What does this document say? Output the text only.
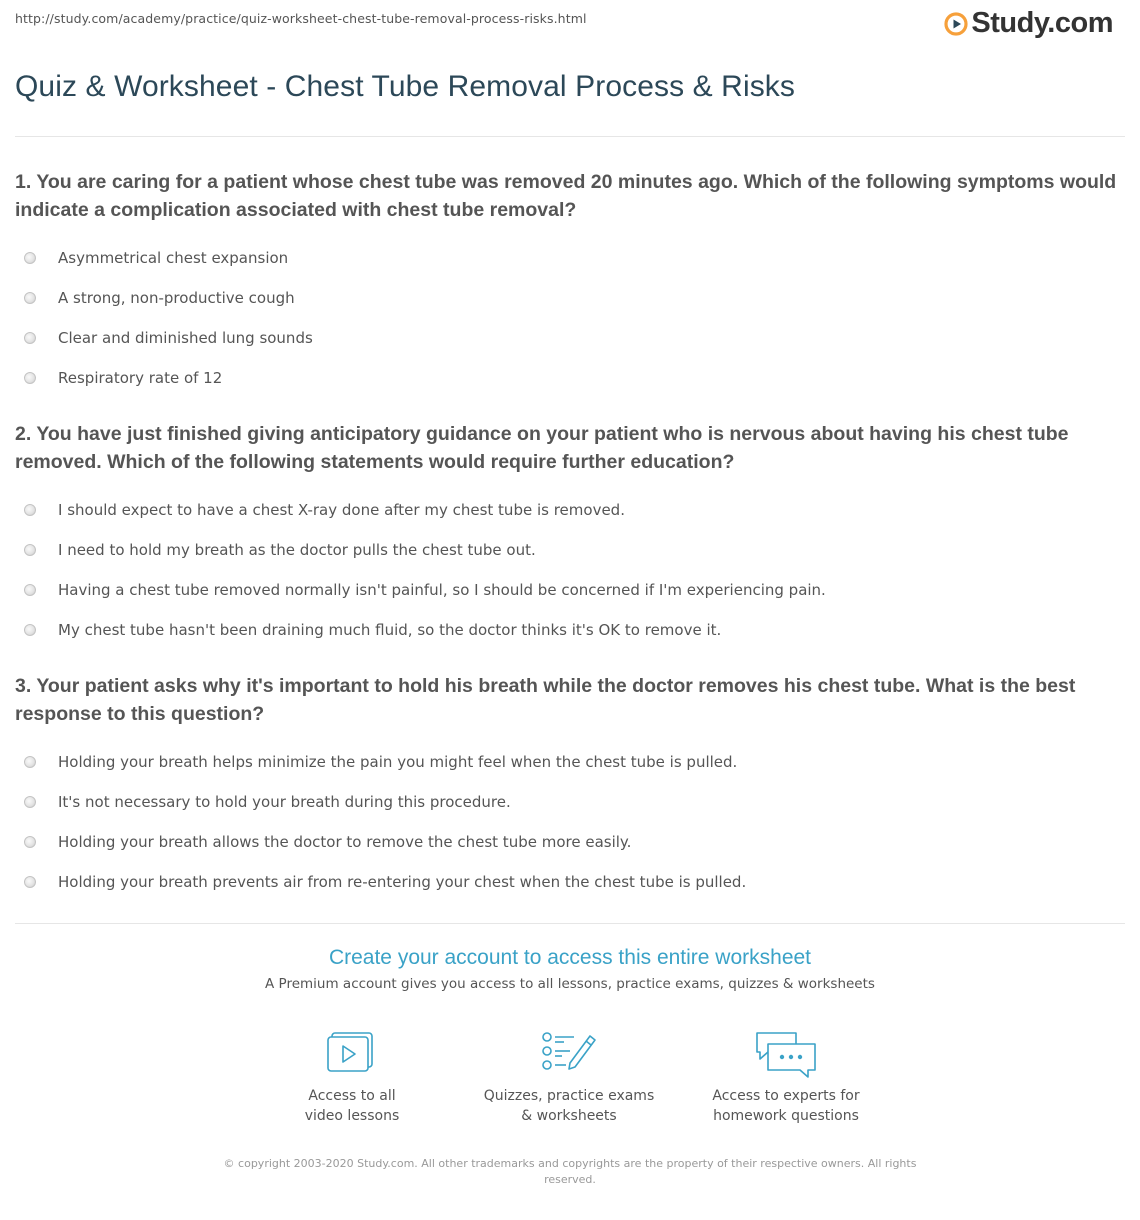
http://study.com/academy/practice/quiz-worksheet-chest-tube-removal-process-risks.html	Study.com
Quiz & Worksheet - Chest Tube Removal Process & Risks
1. You are caring for a patient whose chest tube was removed 20 minutes ago. Which of the following symptoms would indicate a complication associated with chest tube removal?
Asymmetrical chest expansion
A strong, non-productive cough
Clear and diminished lung sounds
Respiratory rate of 12
2. You have just finished giving anticipatory guidance on your patient who is nervous about having his chest tube removed. Which of the following statements would require further education?
I should expect to have a chest X-ray done after my chest tube is removed.
I need to hold my breath as the doctor pulls the chest tube out.
Having a chest tube removed normally isn't painful, so I should be concerned if I'm experiencing pain.
My chest tube hasn't been draining much fluid, so the doctor thinks it's OK to remove it.
3. Your patient asks why it's important to hold his breath while the doctor removes his chest tube. What is the best response to this question?
Holding your breath helps minimize the pain you might feel when the chest tube is pulled.
It's not necessary to hold your breath during this procedure.
Holding your breath allows the doctor to remove the chest tube more easily.
Holding your breath prevents air from re-entering your chest when the chest tube is pulled.
Create your account to access this entire worksheet
A Premium account gives you access to all lessons, practice exams, quizzes & worksheets
Access to all
video lessons
Quizzes, practice exams
& worksheets
Access to experts for
homework questions
© copyright 2003-2020 Study.com. All other trademarks and copyrights are the property of their respective owners. All rights reserved.
